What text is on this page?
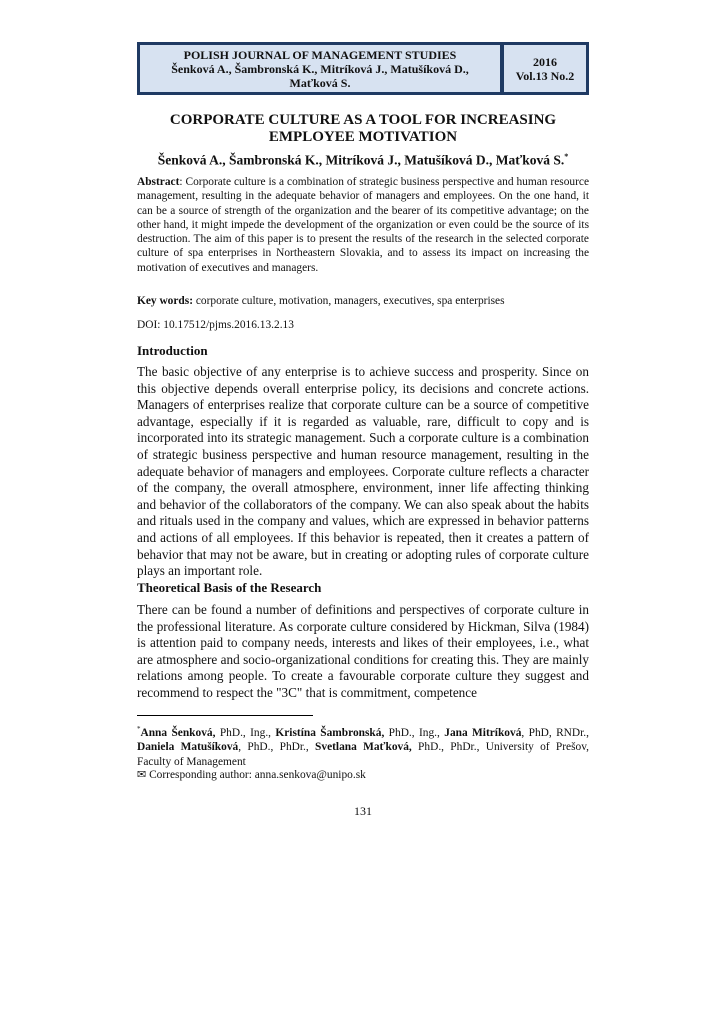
POLISH JOURNAL OF MANAGEMENT STUDIES
Šenková A., Šambronská K., Mitríková J., Matušíková D.,
Maťková S.
2016
Vol.13 No.2
CORPORATE CULTURE AS A TOOL FOR INCREASING
EMPLOYEE MOTIVATION
Šenková A., Šambronská K., Mitríková J., Matušíková D., Maťková S.*
Abstract: Corporate culture is a combination of strategic business perspective and human resource management, resulting in the adequate behavior of managers and employees. On the one hand, it can be a source of strength of the organization and the bearer of its competitive advantage; on the other hand, it might impede the development of the organization or even could be the source of its destruction. The aim of this paper is to present the results of the research in the selected corporate culture of spa enterprises in Northeastern Slovakia, and to assess its impact on increasing the motivation of executives and managers.
Key words: corporate culture, motivation, managers, executives, spa enterprises
DOI: 10.17512/pjms.2016.13.2.13
Introduction

The basic objective of any enterprise is to achieve success and prosperity. Since on this objective depends overall enterprise policy, its decisions and concrete actions. Managers of enterprises realize that corporate culture can be a source of competitive advantage, especially if it is regarded as valuable, rare, difficult to copy and is incorporated into its strategic management. Such a corporate culture is a combination of strategic business perspective and human resource management, resulting in the adequate behavior of managers and employees. Corporate culture reflects a character of the company, the overall atmosphere, environment, inner life affecting thinking and behavior of the collaborators of the company. We can also speak about the habits and rituals used in the company and values, which are expressed in behavior patterns and actions of all employees. If this behavior is repeated, then it creates a pattern of behavior that may not be aware, but in creating or adopting rules of corporate culture plays an important role.

Theoretical Basis of the Research

There can be found a number of definitions and perspectives of corporate culture in the professional literature. As corporate culture considered by Hickman, Silva (1984) is attention paid to company needs, interests and likes of their employees, i.e., what are atmosphere and socio-organizational conditions for creating this. They are mainly relations among people. To create a favourable corporate culture they suggest and recommend to respect the "3C" that is commitment, competence

*Anna Šenková, PhD., Ing., Kristína Šambronská, PhD., Ing., Jana Mitríková, PhD, RNDr., Daniela Matušíková, PhD., PhDr., Svetlana Maťková, PhD., PhDr., University of Prešov, Faculty of Management
✉ Corresponding author: anna.senkova@unipo.sk
131
